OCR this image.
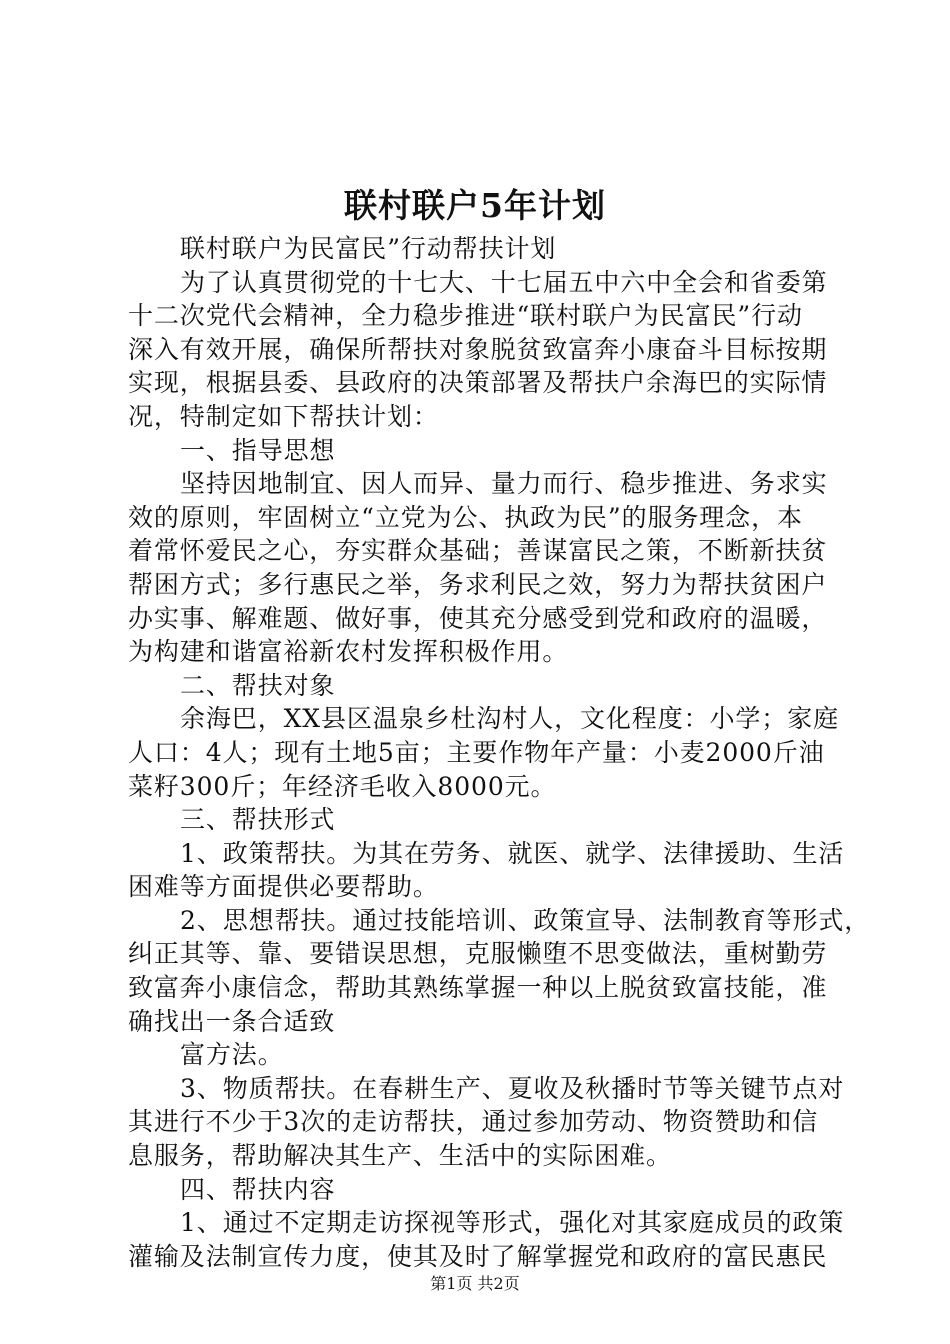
联村联户5年计划
联村联户为民富民”行动帮扶计划
为了认真贯彻党的十七大、十七届五中六中全会和省委第
十二次党代会精神，全力稳步推进“联村联户为民富民”行动
深入有效开展，确保所帮扶对象脱贫致富奔小康奋斗目标按期
实现，根据县委、县政府的决策部署及帮扶户余海巴的实际情
况，特制定如下帮扶计划：
一、指导思想
坚持因地制宜、因人而异、量力而行、稳步推进、务求实
效的原则，牢固树立“立党为公、执政为民”的服务理念，本
着常怀爱民之心，夯实群众基础；善谋富民之策，不断新扶贫
帮困方式；多行惠民之举，务求利民之效，努力为帮扶贫困户
办实事、解难题、做好事，使其充分感受到党和政府的温暖，
为构建和谐富裕新农村发挥积极作用。
二、帮扶对象
余海巴，XX县区温泉乡杜沟村人，文化程度：小学；家庭
人口：4人；现有土地5亩；主要作物年产量：小麦2000斤油
菜籽300斤；年经济毛收入8000元。
三、帮扶形式
1、政策帮扶。为其在劳务、就医、就学、法律援助、生活
困难等方面提供必要帮助。
2、思想帮扶。通过技能培训、政策宣导、法制教育等形式，
纠正其等、靠、要错误思想，克服懒堕不思变做法，重树勤劳
致富奔小康信念，帮助其熟练掌握一种以上脱贫致富技能，准
确找出一条合适致
富方法。
3、物质帮扶。在春耕生产、夏收及秋播时节等关键节点对
其进行不少于3次的走访帮扶，通过参加劳动、物资赞助和信
息服务，帮助解决其生产、生活中的实际困难。
四、帮扶内容
1、通过不定期走访探视等形式，强化对其家庭成员的政策
灌输及法制宣传力度，使其及时了解掌握党和政府的富民惠民
第1页 共2页
